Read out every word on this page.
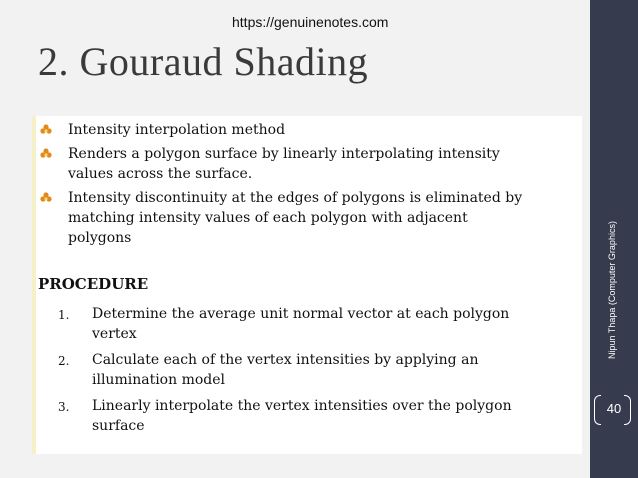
https://genuinenotes.com
2. Gouraud Shading
Nipun Thapa (Computer Graphics)
40
Intensity interpolation method
Renders a polygon surface by linearly interpolating intensity
values across the surface.
Intensity discontinuity at the edges of polygons is eliminated by
matching intensity values of each polygon with adjacent
polygons
PROCEDURE
1.	Determine the average unit normal vector at each polygon
vertex
2.	Calculate each of the vertex intensities by applying an
illumination model
3.	Linearly interpolate the vertex intensities over the polygon
surface
